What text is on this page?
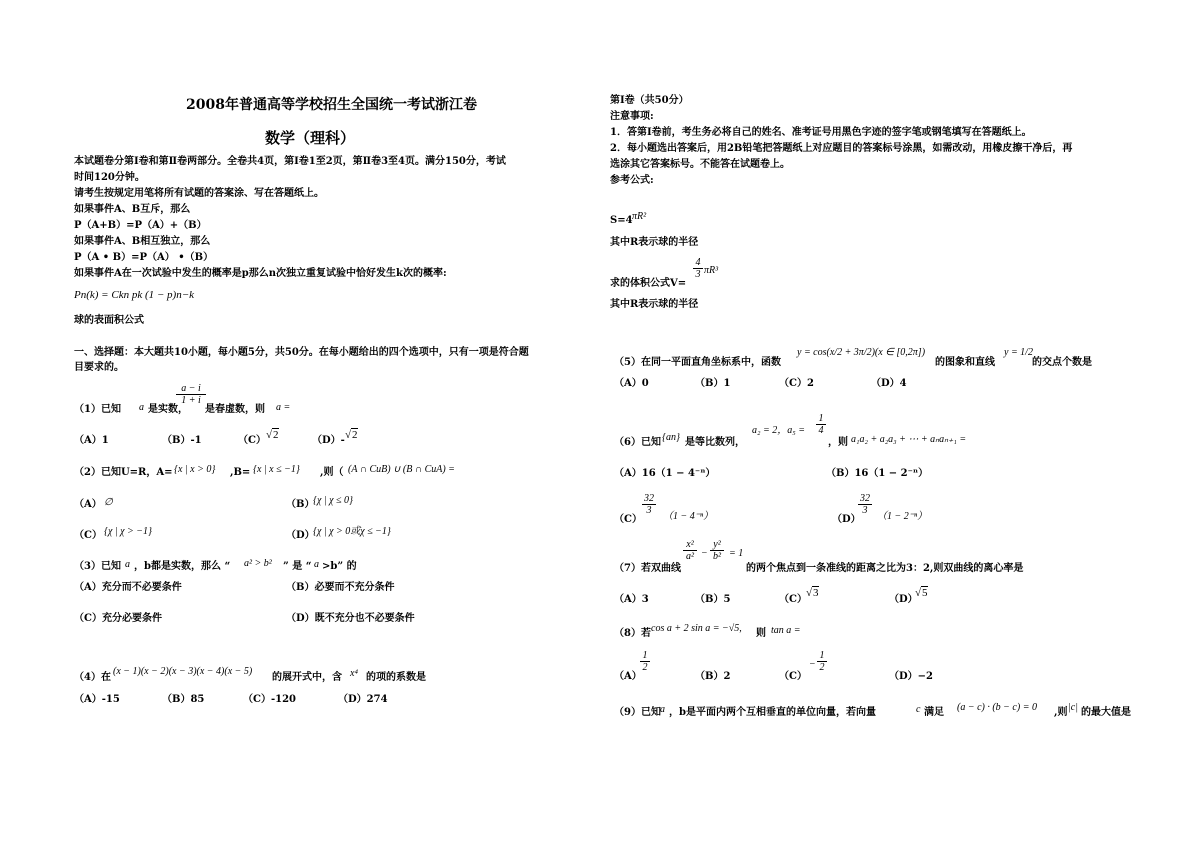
2008年普通高等学校招生全国统一考试浙江卷
数学（理科）
本试题卷分第Ⅰ卷和第Ⅱ卷两部分。全卷共4页，第Ⅰ卷1至2页，第Ⅱ卷3至4页。满分150分，考试
时间120分钟。
请考生按规定用笔将所有试题的答案涂、写在答题纸上。
如果事件A、B互斥，那么
P（A+B）=P（A）+（B）
如果事件A、B相互独立，那么
P（A • B）=P（A） •（B）
如果事件A在一次试验中发生的概率是p那么n次独立重复试验中恰好发生k次的概率:
Pn(k) = Ckn pk (1 − p)n−k
球的表面积公式
一、选择题：本大题共10小题，每小题5分，共50分。在每小题给出的四个选项中，只有一项是符合题
目要求的。
（1）已知 a 是实数，
a − i
1 + i
是春虚数，则 a =
（A）1	（B）-1	（C） √2	（D）- √2
（2）已知U=R，A= {x | x > 0} ,B= {x | x ≤ −1} ,则（ (A ∩ CuB) ∪ (B ∩ CuA) =
（A） ∅	（B）
{χ | χ ≤ 0}
（C） {χ | χ > −1}	（D）
{χ | χ > 0或χ ≤ −1}
（3）已知 a ，b都是实数，那么 “ a² > b² ” 是 “ a >b” 的
（A）充分而不必要条件	（B）必要而不充分条件
（C）充分必要条件	（D）既不充分也不必要条件
（4）在
(x − 1)(x − 2)(x − 3)(x − 4)(x − 5)
的展开式中，含 x⁴ 的项的系数是
（A）-15	（B）85	（C）-120	（D）274
第Ⅰ卷（共50分）
注意事项:
1．答第Ⅰ卷前，考生务必将自己的姓名、准考证号用黑色字迹的签字笔或钢笔填写在答题纸上。
2．每小题选出答案后，用2B铅笔把答题纸上对应题目的答案标号涂黑，如需改动，用橡皮擦干净后，再
选涂其它答案标号。不能答在试题卷上。
参考公式:
S=4 πR²
其中R表示球的半径
求的体积公式V=
4
3 πR³
其中R表示球的半径
（5）在同一平面直角坐标系中，函数
y = cos(x/2 + 3π/2)(x ∈ [0,2π])
的图象和直线
y = 1/2
的交点个数是
（A）0	（B）1	（C）2	（D）4
（6）已知 {an} 是等比数列，
a₂ = 2，a₅ =
1
4
，则 a₁a₂ + a₂a₃ + ⋯ + aₙaₙ₊₁ =
（A）16（1 − 4⁻ⁿ）	（B）16（1 − 2⁻ⁿ）
（C）
32
3
（1 − 4⁻ⁿ）	（D）
32
3
（1 − 2⁻ⁿ）
（7）若双曲线
x²
a² −
y²
b² = 1
的两个焦点到一条准线的距离之比为3：2,则双曲线的离心率是
（A）3	（B）5	（C）
√3
（D）
√5
（8）若 cos a + 2 sin a = −√5, 则 tan a =
（A）
1
2
（B）2	（C）
−
1
2
（D）−2
（9）已知 a ，b是平面内两个互相垂直的单位向量，若向量	c 满足 (a − c) · (b − c) = 0 ,则 |c| 的最大值是
